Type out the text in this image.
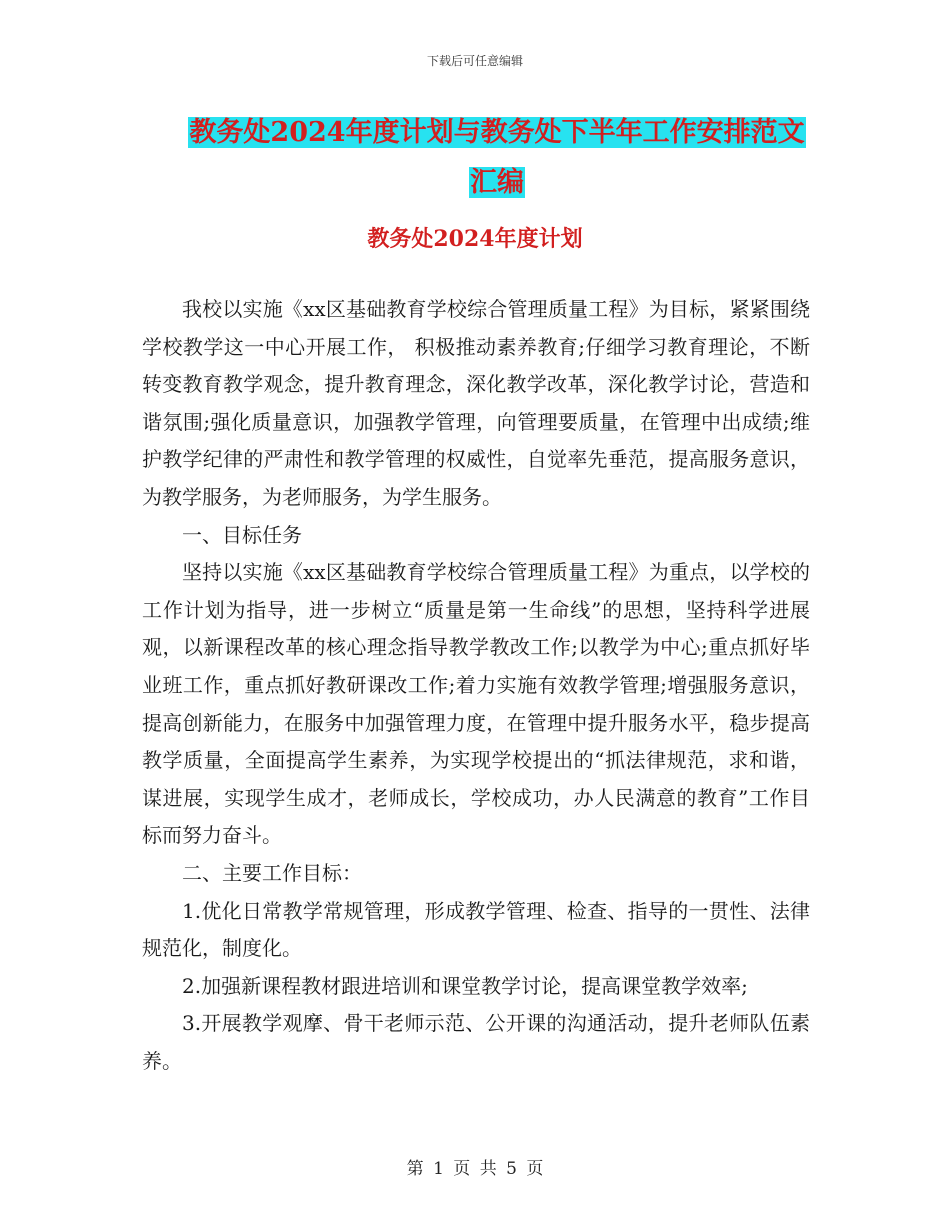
下载后可任意编辑
教务处2024年度计划与教务处下半年工作安排范文汇编
教务处2024年度计划

我校以实施《xx区基础教育学校综合管理质量工程》为目标，紧紧围绕学校教学这一中心开展工作， 积极推动素养教育;仔细学习教育理论，不断转变教育教学观念，提升教育理念，深化教学改革，深化教学讨论，营造和谐氛围;强化质量意识，加强教学管理，向管理要质量，在管理中出成绩;维护教学纪律的严肃性和教学管理的权威性，自觉率先垂范，提高服务意识，为教学服务，为老师服务，为学生服务。

一、目标任务

坚持以实施《xx区基础教育学校综合管理质量工程》为重点，以学校的工作计划为指导，进一步树立“质量是第一生命线”的思想，坚持科学进展观，以新课程改革的核心理念指导教学教改工作;以教学为中心;重点抓好毕业班工作，重点抓好教研课改工作;着力实施有效教学管理;增强服务意识，提高创新能力，在服务中加强管理力度，在管理中提升服务水平，稳步提高教学质量，全面提高学生素养，为实现学校提出的“抓法律规范，求和谐，谋进展，实现学生成才，老师成长，学校成功，办人民满意的教育”工作目标而努力奋斗。

二、主要工作目标：

1.优化日常教学常规管理，形成教学管理、检查、指导的一贯性、法律规范化，制度化。

2.加强新课程教材跟进培训和课堂教学讨论，提高课堂教学效率;

3.开展教学观摩、骨干老师示范、公开课的沟通活动，提升老师队伍素养。

第 1 页 共 5 页
